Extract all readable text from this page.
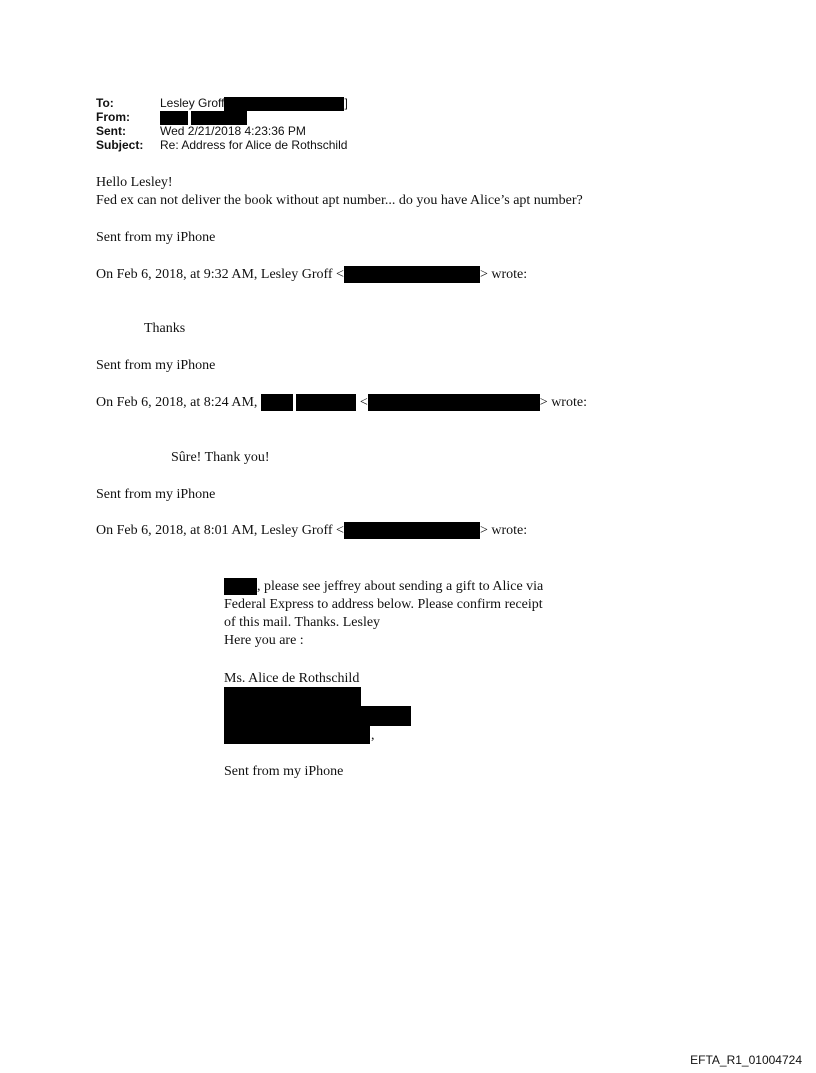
To:	Lesley Groff	]
From:

Sent:	Wed 2/21/2018 4:23:36 PM
Subject: Re: Address for Alice de Rothschild
Hello Lesley!
Fed ex can not deliver the book without apt number... do you have Alice’s apt number?
Sent from my iPhone
On Feb 6, 2018, at 9:32 AM, Lesley Groff <	> wrote:
Thanks
Sent from my iPhone
On Feb 6, 2018, at 8:24 AM,	<	> wrote:
Sûre! Thank you!
Sent from my iPhone
On Feb 6, 2018, at 8:01 AM, Lesley Groff <	> wrote:
, please see jeffrey about sending a gift to Alice via
Federal Express to address below. Please confirm receipt
of this mail. Thanks. Lesley
Here you are :
Ms. Alice de Rothschild
,
Sent from my iPhone
EFTA_R1_01004724
